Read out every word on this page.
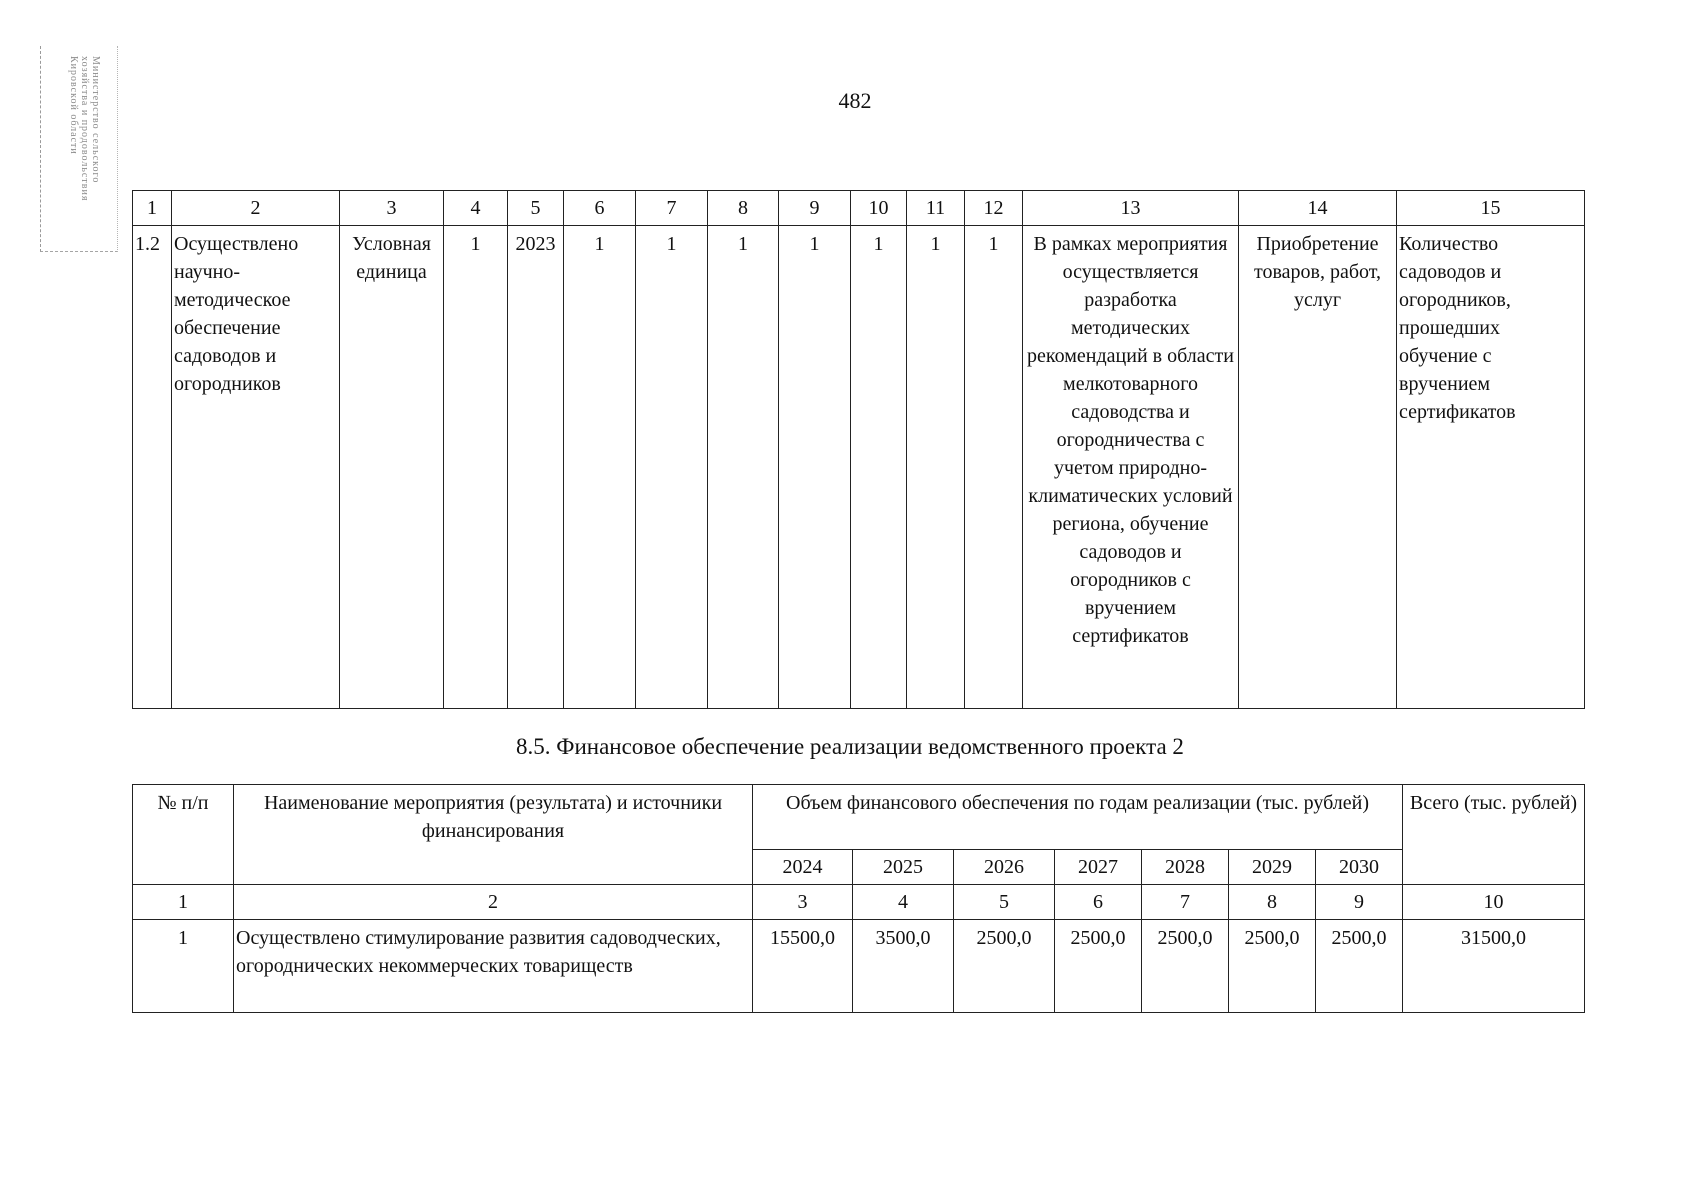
Министерство сельского
хозяйства и продовольствия
Кировской области	482
1	2	3	4	5	6	7	8	9	10	11	12	13	14	15
1.2	Осуществлено научно-методическое обеспечение садоводов и огородников	Условная единица	1	2023	1	1	1	1	1	1	1	В рамках мероприятия осуществляется разработка методических рекомендаций в области мелкотоварного садоводства и огородничества с учетом природно-климатических условий региона, обучение садоводов и огородников с вручением сертификатов	Приобретение товаров, работ, услуг	Количество садоводов и огородников, прошедших обучение с вручением сертификатов
8.5. Финансовое обеспечение реализации ведомственного проекта 2
№ п/п	Наименование мероприятия (результата) и источники финансирования	Объем финансового обеспечения по годам реализации (тыс. рублей)							Всего (тыс. рублей)
		2024	2025	2026	2027	2028	2029	2030	
1	2	3	4	5	6	7	8	9	10
1	Осуществлено стимулирование развития садоводческих, огороднических некоммерческих товариществ	15500,0	3500,0	2500,0	2500,0	2500,0	2500,0	2500,0	31500,0
